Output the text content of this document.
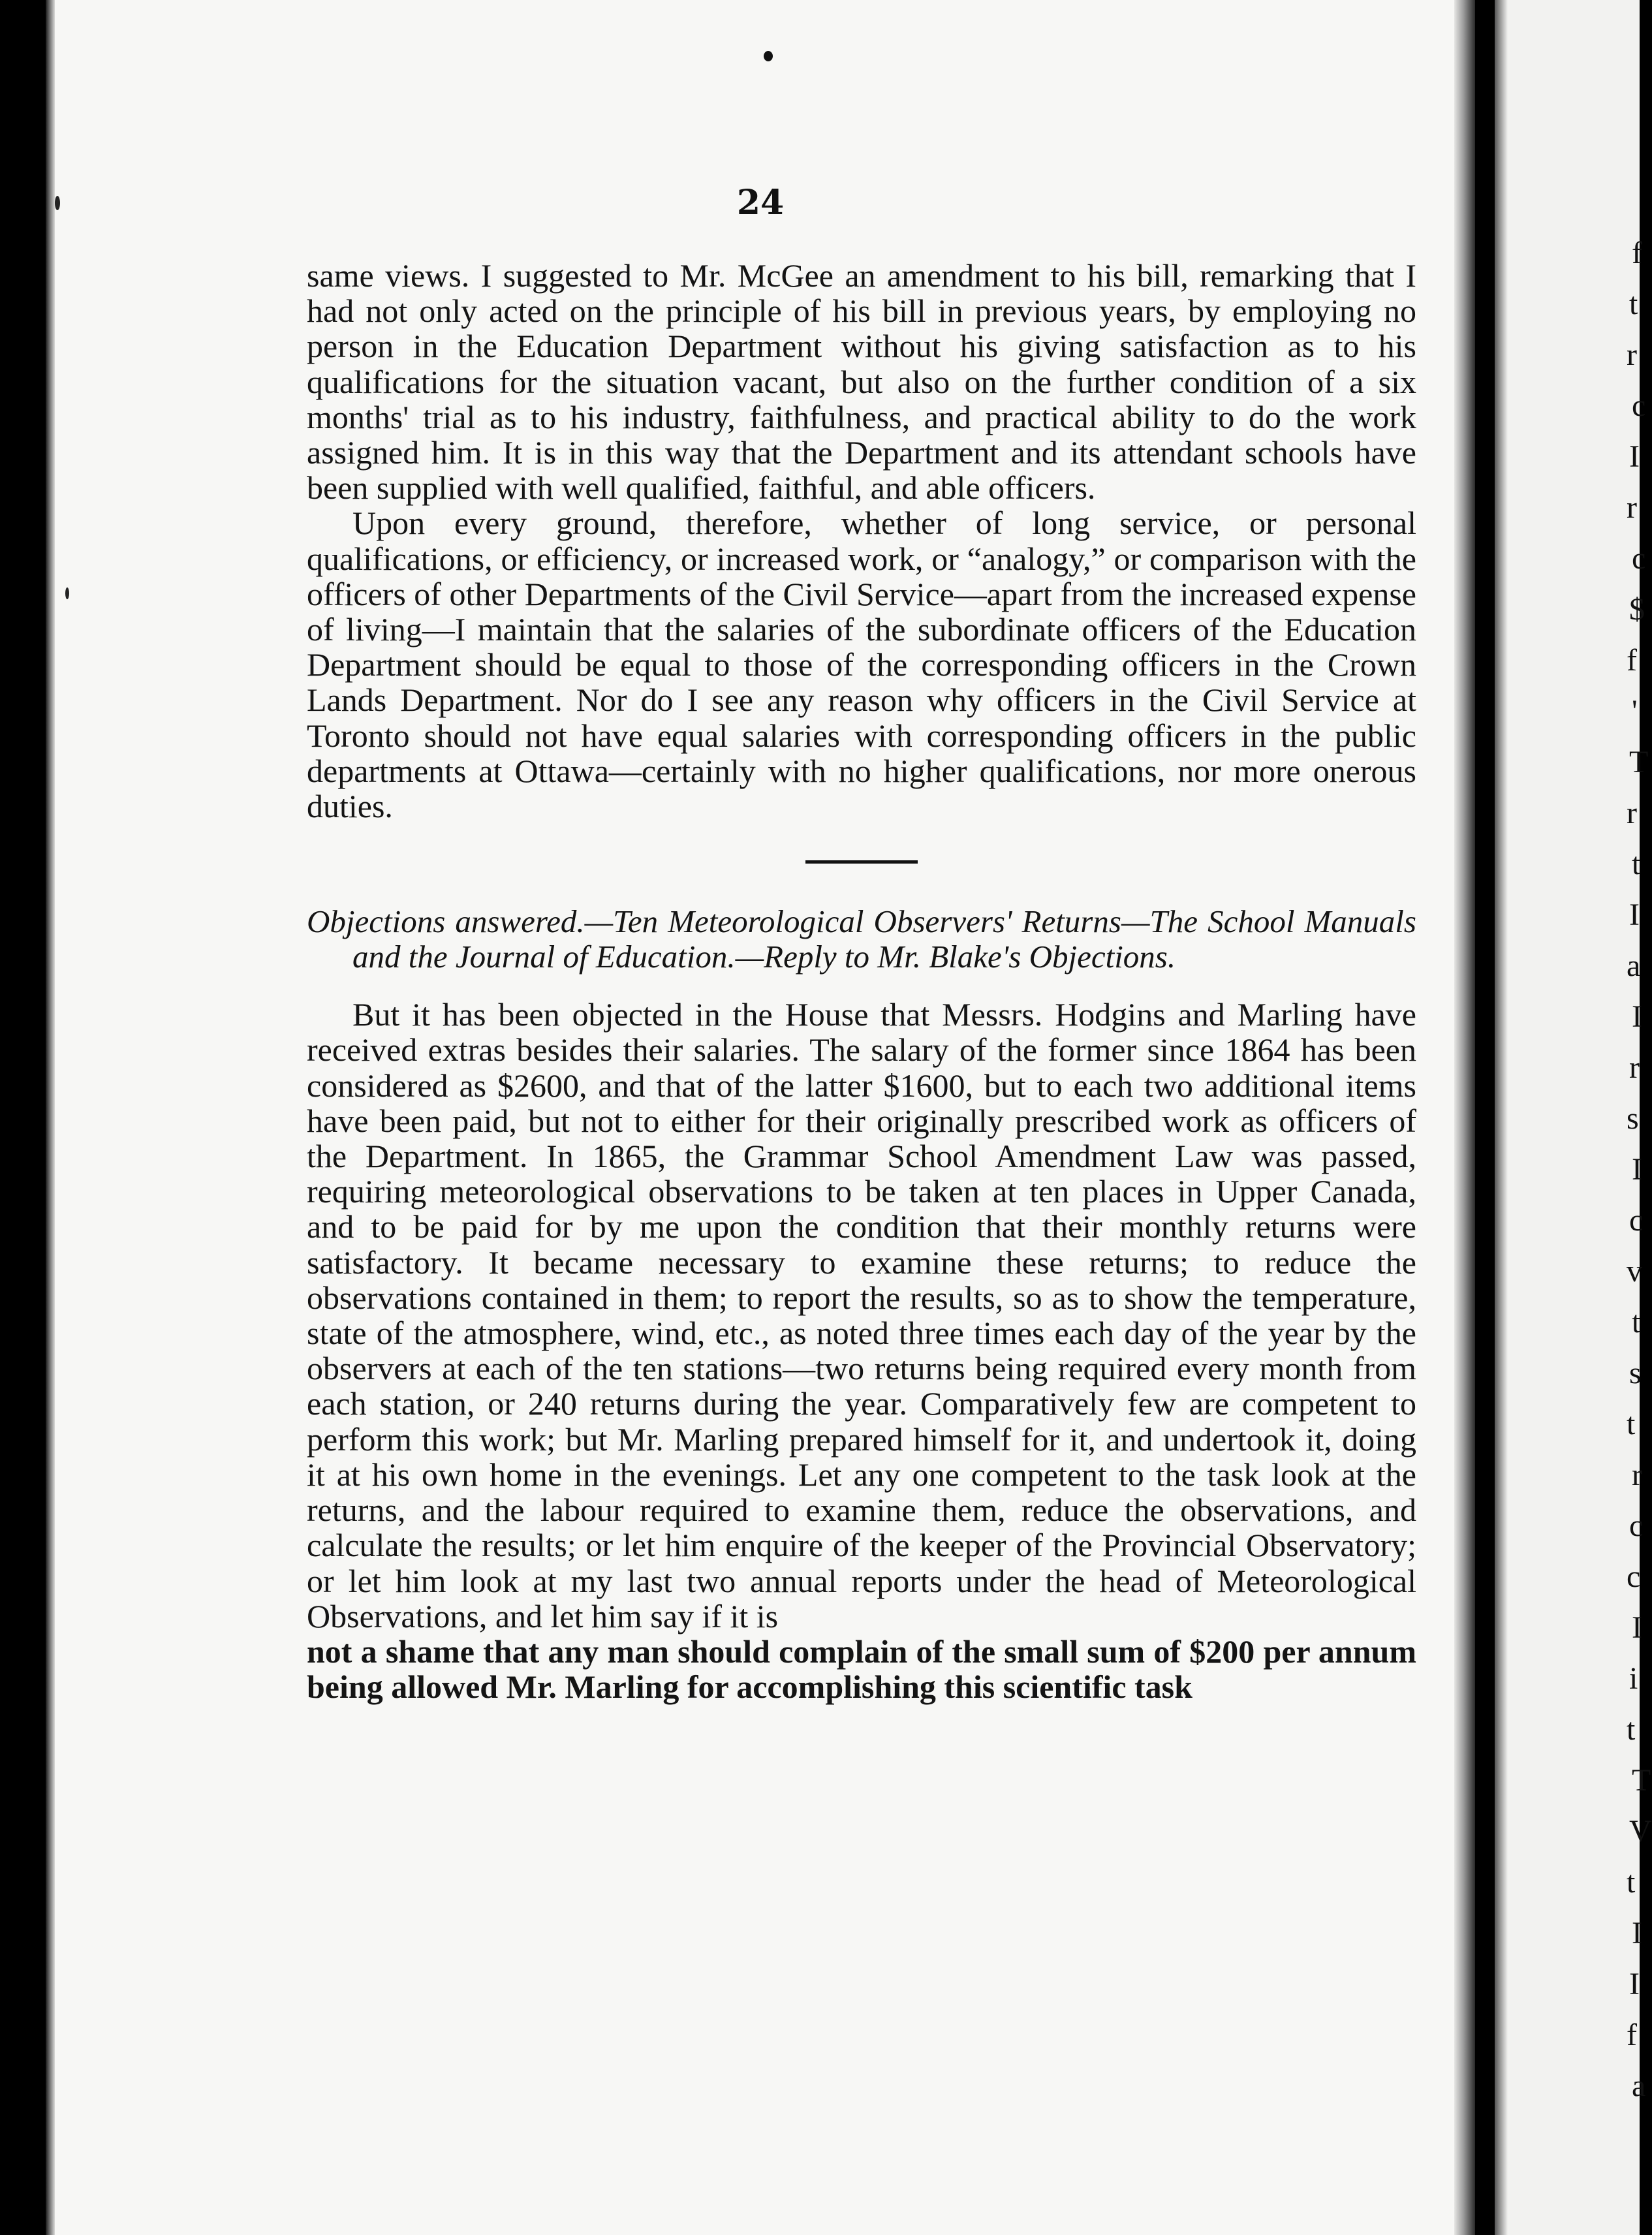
24

same views. I suggested to Mr. McGee an amendment to his bill, remarking that I had not only acted on the principle of his bill in previous years, by employing no person in the Education Department without his giving satisfaction as to his qualifications for the situation vacant, but also on the further condition of a six months' trial as to his industry, faithfulness, and practical ability to do the work assigned him. It is in this way that the Department and its attendant schools have been supplied with well qualified, faithful, and able officers.

Upon every ground, therefore, whether of long service, or personal qualifications, or efficiency, or increased work, or “analogy,” or comparison with the officers of other Departments of the Civil Service—apart from the increased expense of living—I maintain that the salaries of the subordinate officers of the Education Department should be equal to those of the corresponding officers in the Crown Lands Department. Nor do I see any reason why officers in the Civil Service at Toronto should not have equal salaries with corresponding officers in the public departments at Ottawa—certainly with no higher qualifications, nor more onerous duties.

Objections answered.—Ten Meteorological Observers' Returns—The School Manuals and the Journal of Education.—Reply to Mr. Blake's Objections.

But it has been objected in the House that Messrs. Hodgins and Marling have received extras besides their salaries. The salary of the former since 1864 has been considered as $2600, and that of the latter $1600, but to each two additional items have been paid, but not to either for their originally prescribed work as officers of the Department. In 1865, the Grammar School Amendment Law was passed, requiring meteorological observations to be taken at ten places in Upper Canada, and to be paid for by me upon the condition that their monthly returns were satisfactory. It became necessary to examine these returns; to reduce the observations contained in them; to report the results, so as to show the temperature, state of the atmosphere, wind, etc., as noted three times each day of the year by the observers at each of the ten stations—two returns being required every month from each station, or 240 returns during the year. Comparatively few are competent to perform this work; but Mr. Marling prepared himself for it, and undertook it, doing it at his own home in the evenings. Let any one competent to the task look at the returns, and the labour required to examine them, reduce the observations, and calculate the results; or let him enquire of the keeper of the Provincial Observatory; or let him look at my last two annual reports under the head of Meteorological Observations, and let him say if it is

not a shame that any man should complain of the small sum of $200 per annum being allowed Mr. Marling for accomplishing this scientific task

f
t
r
c
I
r
c
$
f
'
T
r
t
I
a
I
r
s
I
c
v
t
s
t
r
c
c
I
i
t
T
V
t
I
I
f
a
